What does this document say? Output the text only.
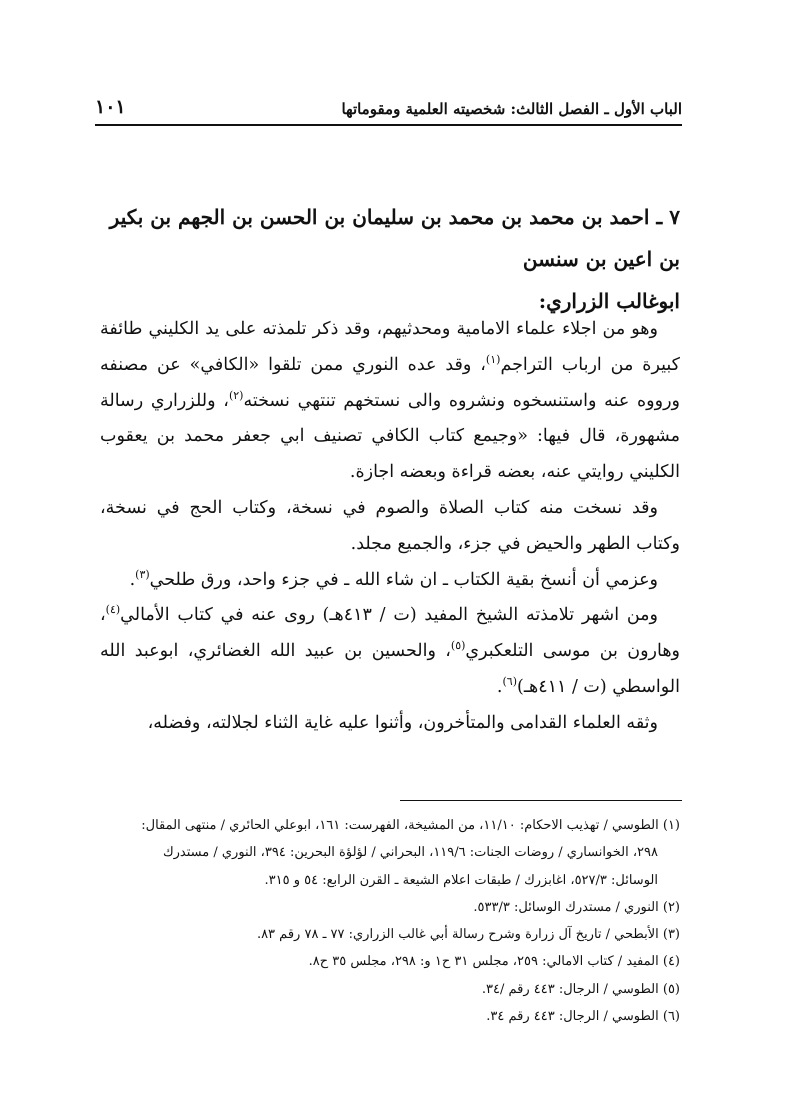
الباب الأول ـ الفصل الثالث: شخصيته العلمية ومقوماتها
١٠١
٧ ـ احمد بن محمد بن محمد بن سليمان بن الحسن بن الجهم بن بكير بن اعين بن سنسن
ابوغالب الزراري:

وهو من اجلاء علماء الامامية ومحدثيهم، وقد ذكر تلمذته على يد الكليني طائفة كبيرة من ارباب التراجم$^{(١)}$، وقد عده النوري ممن تلقوا «الكافي» عن مصنفه ورووه عنه واستنسخوه ونشروه والى نستخهم تنتهي نسخته$^{(٢)}$، وللزراري رسالة مشهورة، قال فيها: «وجيمع كتاب الكافي تصنيف ابي جعفر محمد بن يعقوب الكليني روايتي عنه، بعضه قراءة وبعضه اجازة.

وقد نسخت منه كتاب الصلاة والصوم في نسخة، وكتاب الحج في نسخة، وكتاب الطهر والحيض في جزء، والجميع مجلد.

وعزمي أن أنسخ بقية الكتاب ـ ان شاء الله ـ في جزء واحد، ورق طلحي$^{(٣)}$.

ومن اشهر تلامذته الشيخ المفيد (ت / ٤١٣هـ) روى عنه في كتاب الأمالي$^{(٤)}$، وهارون بن موسى التلعكبري$^{(٥)}$، والحسين بن عبيد الله الغضائري، ابوعبد الله الواسطي (ت / ٤١١هـ)$^{(٦)}$.

وثقه العلماء القدامى والمتأخرون، وأثنوا عليه غاية الثناء لجلالته، وفضله،

(١) الطوسي / تهذيب الاحكام: ١١/١٠، من المشيخة، الفهرست: ١٦١، ابوعلي الحائري / منتهى المقال:

٢٩٨، الخوانساري / روضات الجنات: ١١٩/٦، البحراني / لؤلؤة البحرين: ٣٩٤، النوري / مستدرك

الوسائل: ٥٢٧/٣، اغابزرك / طبقات اعلام الشيعة ـ القرن الرابع: ٥٤ و ٣١٥.

(٢) النوري / مستدرك الوسائل: ٥٣٣/٣.

(٣) الأبطحي / تاريخ آل زرارة وشرح رسالة أبي غالب الزراري: ٧٧ ـ ٧٨ رقم ٨٣.

(٤) المفيد / كتاب الامالي: ٢٥٩، مجلس ٣١ ح١ و: ٢٩٨، مجلس ٣٥ ح٨.

(٥) الطوسي / الرجال: ٤٤٣ رقم /٣٤.

(٦) الطوسي / الرجال: ٤٤٣ رقم ٣٤.
